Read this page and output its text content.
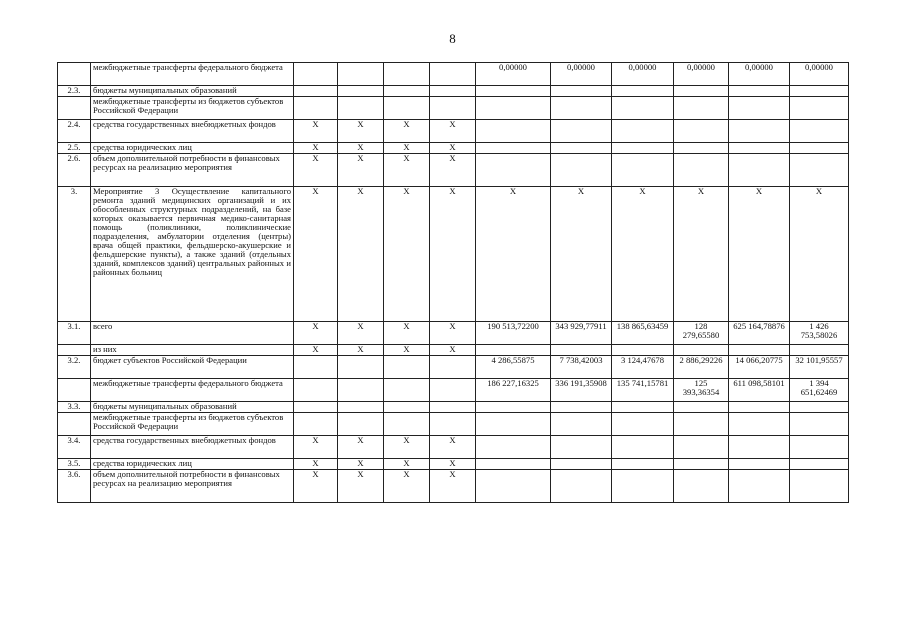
8
	межбюджетные трансферты федерального бюджета					0,00000	0,00000	0,00000	0,00000	0,00000	0,00000
2.3.	бюджеты муниципальных образований										
	межбюджетные трансферты из бюджетов субъектов Российской Федерации										
2.4.	средства государственных внебюджетных фондов	X	X	X	X						
2.5.	средства юридических лиц	X	X	X	X						
2.6.	объем дополнительной потребности в финансовых ресурсах на реализацию мероприятия	X	X	X	X						
3.	Мероприятие 3 Осуществление капитального ремонта зданий медицинских организаций и их обособленных структурных подразделений, на базе которых оказывается первичная медико-санитарная помощь (поликлиники, поликлинические подразделения, амбулатории отделения (центры) врача общей практики, фельдшерско-акушерские и фельдшерские пункты), а также зданий (отдельных зданий, комплексов зданий) центральных районных и районных больниц	X	X	X	X	X	X	X	X	X	X
3.1.	всего	X	X	X	X	190 513,72200	343 929,77911	138 865,63459	128 279,65580	625 164,78876	1 426 753,58026
	из них	X	X	X	X						
3.2.	бюджет субъектов Российской Федерации					4 286,55875	7 738,42003	3 124,47678	2 886,29226	14 066,20775	32 101,95557
	межбюджетные трансферты федерального бюджета					186 227,16325	336 191,35908	135 741,15781	125 393,36354	611 098,58101	1 394 651,62469
3.3.	бюджеты муниципальных образований										
	межбюджетные трансферты из бюджетов субъектов Российской Федерации										
3.4.	средства государственных внебюджетных фондов	X	X	X	X						
3.5.	средства юридических лиц	X	X	X	X						
3.6.	объем дополнительной потребности в финансовых ресурсах на реализацию мероприятия	X	X	X	X						
